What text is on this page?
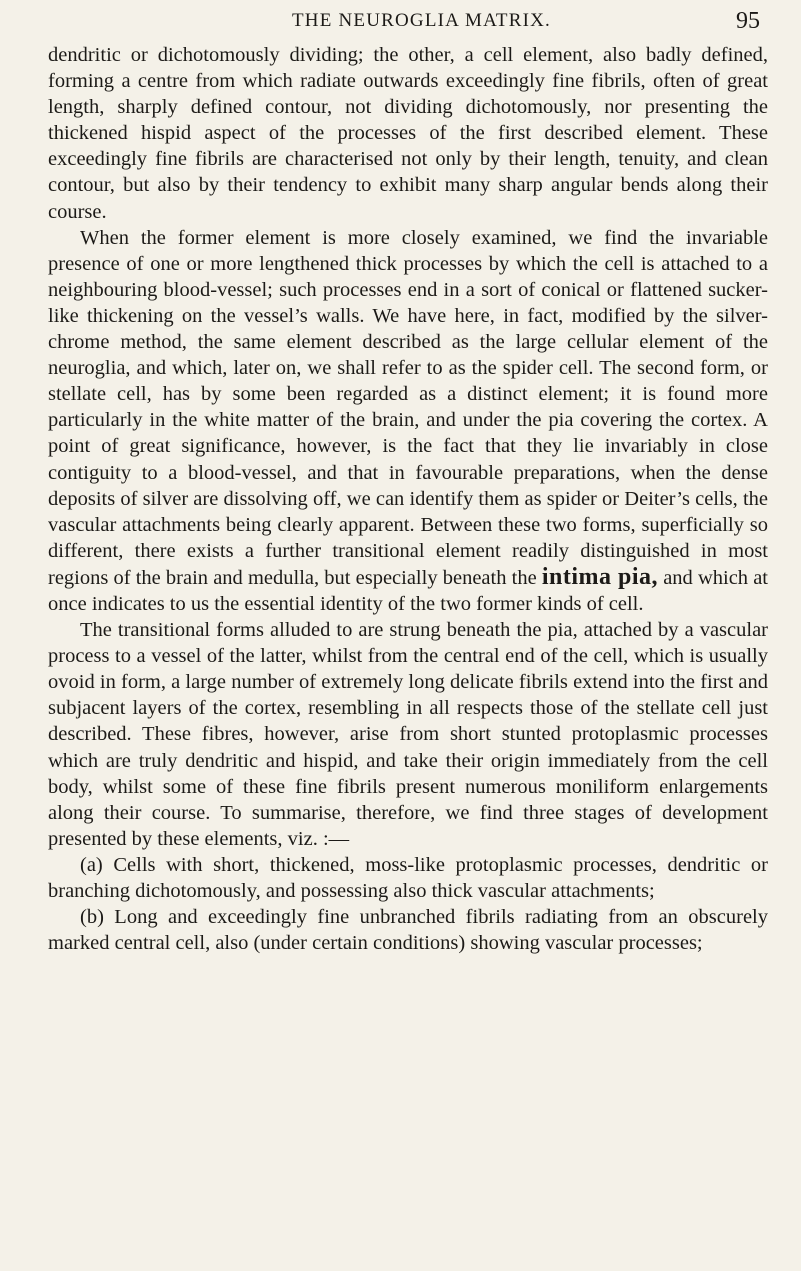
THE NEUROGLIA MATRIX.	95

dendritic or dichotomously dividing; the other, a cell element, also badly defined, forming a centre from which radiate outwards exceedingly fine fibrils, often of great length, sharply defined contour, not dividing dichotomously, nor presenting the thickened hispid aspect of the processes of the first described element. These exceedingly fine fibrils are characterised not only by their length, tenuity, and clean contour, but also by their tendency to exhibit many sharp angular bends along their course.

When the former element is more closely examined, we find the invariable presence of one or more lengthened thick processes by which the cell is attached to a neighbouring blood-vessel; such processes end in a sort of conical or flattened sucker-like thickening on the vessel’s walls. We have here, in fact, modified by the silver-chrome method, the same element described as the large cellular element of the neuroglia, and which, later on, we shall refer to as the spider cell. The second form, or stellate cell, has by some been regarded as a distinct element; it is found more particularly in the white matter of the brain, and under the pia covering the cortex. A point of great significance, however, is the fact that they lie invariably in close contiguity to a blood-vessel, and that in favourable preparations, when the dense deposits of silver are dissolving off, we can identify them as spider or Deiter’s cells, the vascular attachments being clearly apparent. Between these two forms, superficially so different, there exists a further transitional element readily distinguished in most regions of the brain and medulla, but especially beneath the intima pia, and which at once indicates to us the essential identity of the two former kinds of cell.

The transitional forms alluded to are strung beneath the pia, attached by a vascular process to a vessel of the latter, whilst from the central end of the cell, which is usually ovoid in form, a large number of extremely long delicate fibrils extend into the first and subjacent layers of the cortex, resembling in all respects those of the stellate cell just described. These fibres, however, arise from short stunted protoplasmic processes which are truly dendritic and hispid, and take their origin immediately from the cell body, whilst some of these fine fibrils present numerous moniliform enlargements along their course. To summarise, therefore, we find three stages of development presented by these elements, viz. :—

(a) Cells with short, thickened, moss-like protoplasmic processes, dendritic or branching dichotomously, and possessing also thick vascular attachments;

(b) Long and exceedingly fine unbranched fibrils radiating from an obscurely marked central cell, also (under certain conditions) showing vascular processes;
